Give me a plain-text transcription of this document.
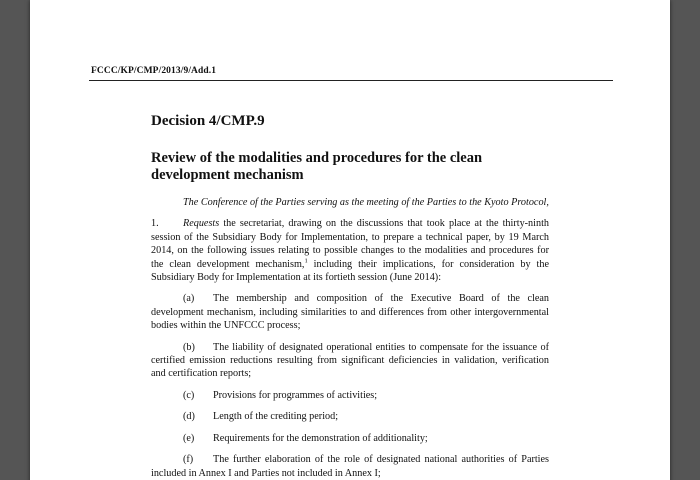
FCCC/KP/CMP/2013/9/Add.1
Decision 4/CMP.9
Review of the modalities and procedures for the clean development mechanism

The Conference of the Parties serving as the meeting of the Parties to the Kyoto Protocol,

1. Requests the secretariat, drawing on the discussions that took place at the thirty-ninth session of the Subsidiary Body for Implementation, to prepare a technical paper, by 19 March 2014, on the following issues relating to possible changes to the modalities and procedures for the clean development mechanism,$^1$ including their implications, for consideration by the Subsidiary Body for Implementation at its fortieth session (June 2014):

(a) The membership and composition of the Executive Board of the clean development mechanism, including similarities to and differences from other intergovernmental bodies within the UNFCCC process;

(b) The liability of designated operational entities to compensate for the issuance of certified emission reductions resulting from significant deficiencies in validation, verification and certification reports;

(c) Provisions for programmes of activities;

(d) Length of the crediting period;

(e) Requirements for the demonstration of additionality;

(f) The further elaboration of the role of designated national authorities of Parties included in Annex I and Parties not included in Annex I;
